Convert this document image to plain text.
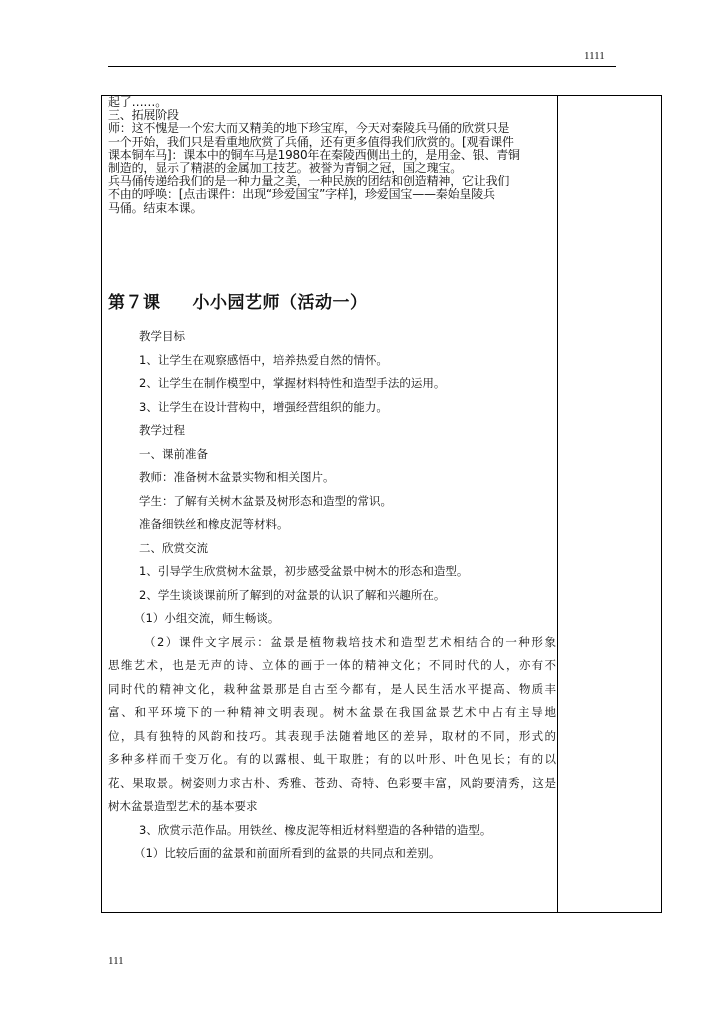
1111
起了……。
三、拓展阶段
师：这不愧是一个宏大而又精美的地下珍宝库，今天对秦陵兵马俑的欣赏只是
一个开始，我们只是看重地欣赏了兵俑，还有更多值得我们欣赏的。[观看课件
课本铜车马]：课本中的铜车马是1980年在秦陵西侧出土的，是用金、银、青铜
制造的，显示了精湛的金属加工技艺。被誉为青铜之冠，国之瑰宝。
兵马俑传递给我们的是一种力量之美，一种民族的团结和创造精神，它让我们
不由的呼唤：[点击课件：出现“珍爱国宝”字样]，珍爱国宝——秦始皇陵兵
马俑。结束本课。
第７课 小小园艺师（活动一）
教学目标
1、让学生在观察感悟中，培养热爱自然的情怀。
2、让学生在制作模型中，掌握材料特性和造型手法的运用。
3、让学生在设计营构中，增强经营组织的能力。
教学过程
一、课前准备
教师：准备树木盆景实物和相关图片。
学生：了解有关树木盆景及树形态和造型的常识。
准备细铁丝和橡皮泥等材料。
二、欣赏交流
1、引导学生欣赏树木盆景，初步感受盆景中树木的形态和造型。
2、学生谈谈课前所了解到的对盆景的认识了解和兴趣所在。
（1）小组交流，师生畅谈。
（2）课件文字展示：盆景是植物栽培技术和造型艺术相结合的一种形象
思维艺术，也是无声的诗、立体的画于一体的精神文化；不同时代的人，亦有不
同时代的精神文化，栽种盆景那是自古至今都有，是人民生活水平提高、物质丰
富、和平环境下的一种精神文明表现。树木盆景在我国盆景艺术中占有主导地
位，具有独特的风韵和技巧。其表现手法随着地区的差异，取材的不同，形式的
多种多样而千变万化。有的以露根、虬干取胜；有的以叶形、叶色见长；有的以
花、果取景。树姿则力求古朴、秀雅、苍劲、奇特、色彩要丰富，风韵要清秀，这是
树木盆景造型艺术的基本要求
3、欣赏示范作品。用铁丝、橡皮泥等相近材料塑造的各种错的造型。
（1）比较后面的盆景和前面所看到的盆景的共同点和差别。
111
